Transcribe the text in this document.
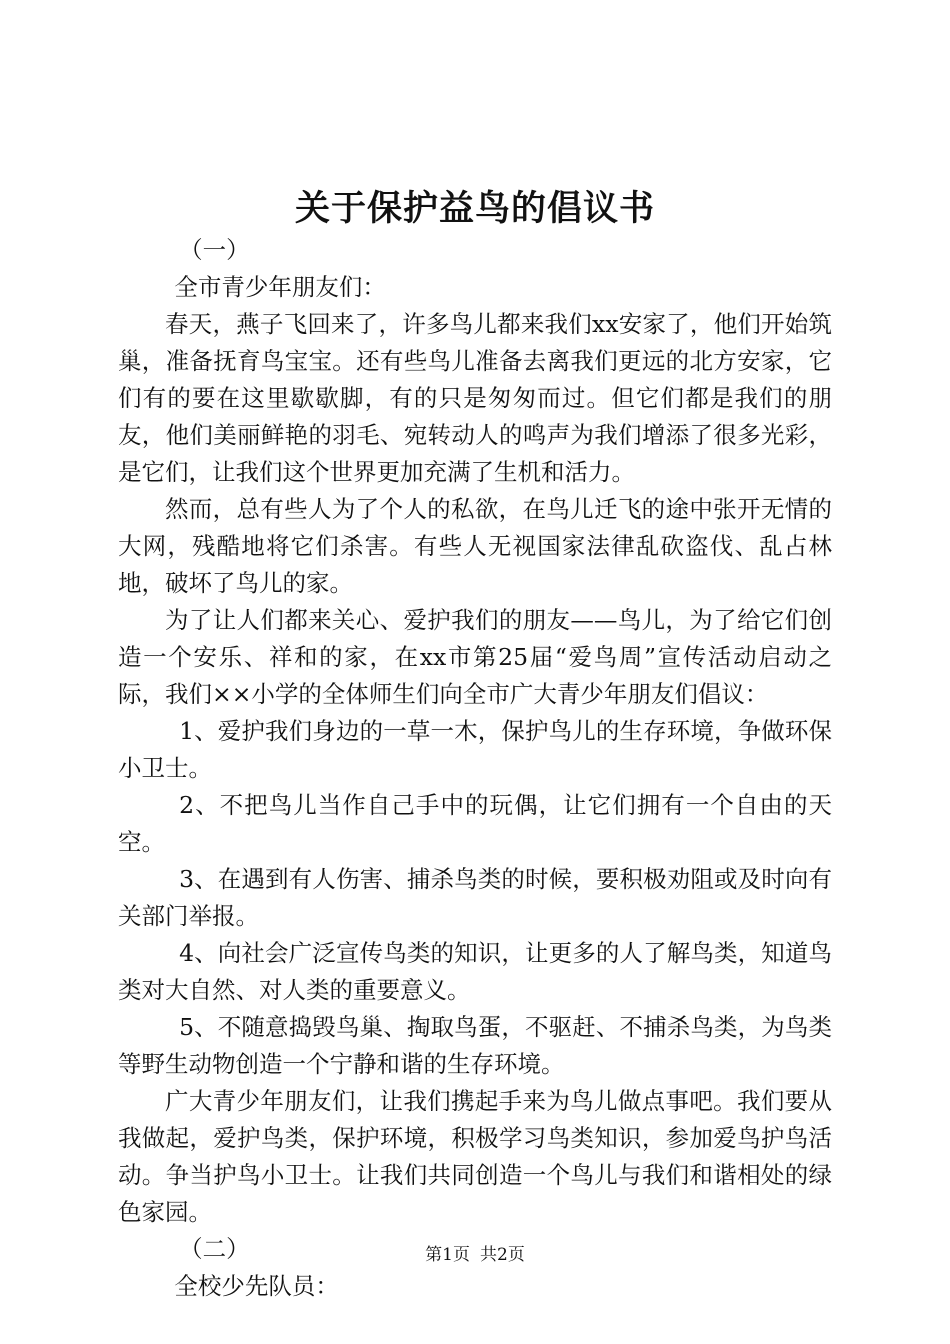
关于保护益鸟的倡议书

（一）

全市青少年朋友们：

春天，燕子飞回来了，许多鸟儿都来我们xx安家了，他们开始筑巢，准备抚育鸟宝宝。还有些鸟儿准备去离我们更远的北方安家，它们有的要在这里歇歇脚，有的只是匆匆而过。但它们都是我们的朋友，他们美丽鲜艳的羽毛、宛转动人的鸣声为我们增添了很多光彩，是它们，让我们这个世界更加充满了生机和活力。

然而，总有些人为了个人的私欲，在鸟儿迁飞的途中张开无情的大网，残酷地将它们杀害。有些人无视国家法律乱砍盗伐、乱占林地，破坏了鸟儿的家。

为了让人们都来关心、爱护我们的朋友——鸟儿，为了给它们创造一个安乐、祥和的家，在xx市第25届“爱鸟周”宣传活动启动之际，我们××小学的全体师生们向全市广大青少年朋友们倡议：

1、爱护我们身边的一草一木，保护鸟儿的生存环境，争做环保小卫士。

2、不把鸟儿当作自己手中的玩偶，让它们拥有一个自由的天空。

3、在遇到有人伤害、捕杀鸟类的时候，要积极劝阻或及时向有关部门举报。

4、向社会广泛宣传鸟类的知识，让更多的人了解鸟类，知道鸟类对大自然、对人类的重要意义。

5、不随意捣毁鸟巢、掏取鸟蛋，不驱赶、不捕杀鸟类，为鸟类等野生动物创造一个宁静和谐的生存环境。

广大青少年朋友们，让我们携起手来为鸟儿做点事吧。我们要从我做起，爱护鸟类，保护环境，积极学习鸟类知识，参加爱鸟护鸟活动。争当护鸟小卫士。让我们共同创造一个鸟儿与我们和谐相处的绿色家园。

（二）

全校少先队员：

第1页 共2页
